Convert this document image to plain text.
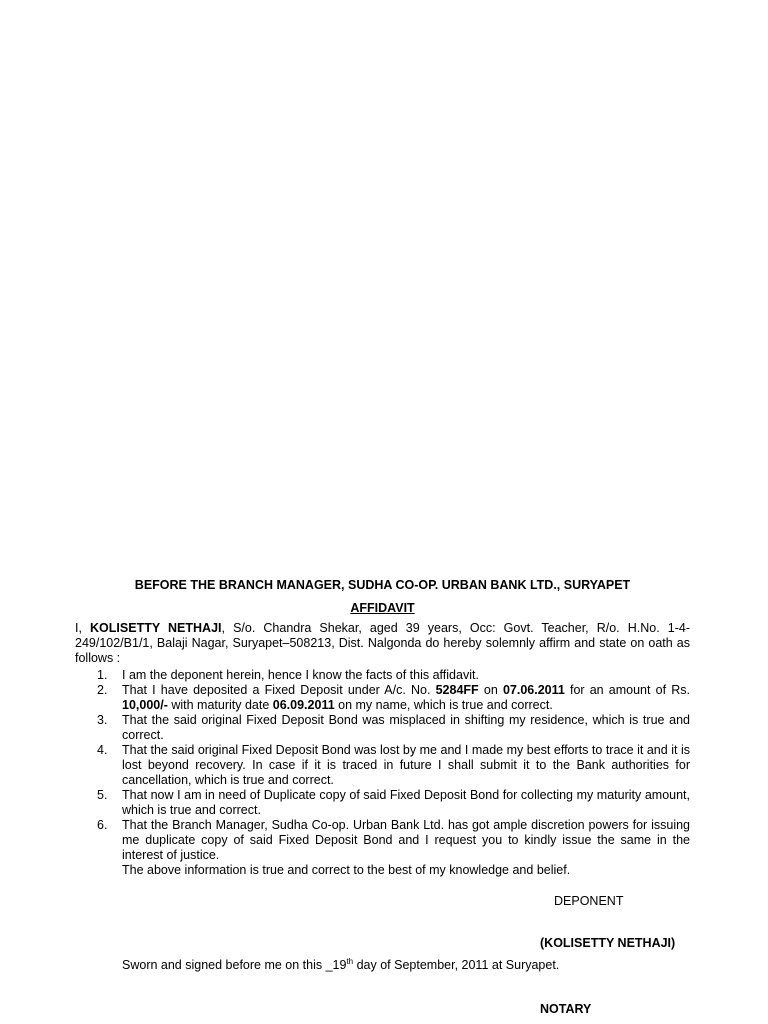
BEFORE THE BRANCH MANAGER, SUDHA CO-OP. URBAN BANK LTD., SURYAPET

AFFIDAVIT

I, KOLISETTY NETHAJI, S/o. Chandra Shekar, aged 39 years, Occ: Govt. Teacher, R/o. H.No. 1-4-249/102/B1/1, Balaji Nagar, Suryapet–508213, Dist. Nalgonda do hereby solemnly affirm and state on oath as follows :

1. I am the deponent herein, hence I know the facts of this affidavit.
2. That I have deposited a Fixed Deposit under A/c. No. 5284FF on 07.06.2011 for an amount of Rs. 10,000/- with maturity date 06.09.2011 on my name, which is true and correct.
3. That the said original Fixed Deposit Bond was misplaced in shifting my residence, which is true and correct.
4. That the said original Fixed Deposit Bond was lost by me and I made my best efforts to trace it and it is lost beyond recovery. In case if it is traced in future I shall submit it to the Bank authorities for cancellation, which is true and correct.
5. That now I am in need of Duplicate copy of said Fixed Deposit Bond for collecting my maturity amount, which is true and correct.
6. That the Branch Manager, Sudha Co-op. Urban Bank Ltd. has got ample discretion powers for issuing me duplicate copy of said Fixed Deposit Bond and I request you to kindly issue the same in the interest of justice.

The above information is true and correct to the best of my knowledge and belief.

DEPONENT
(KOLISETTY NETHAJI)
Sworn and signed before me on this _19th day of September, 2011 at Suryapet.
NOTARY
